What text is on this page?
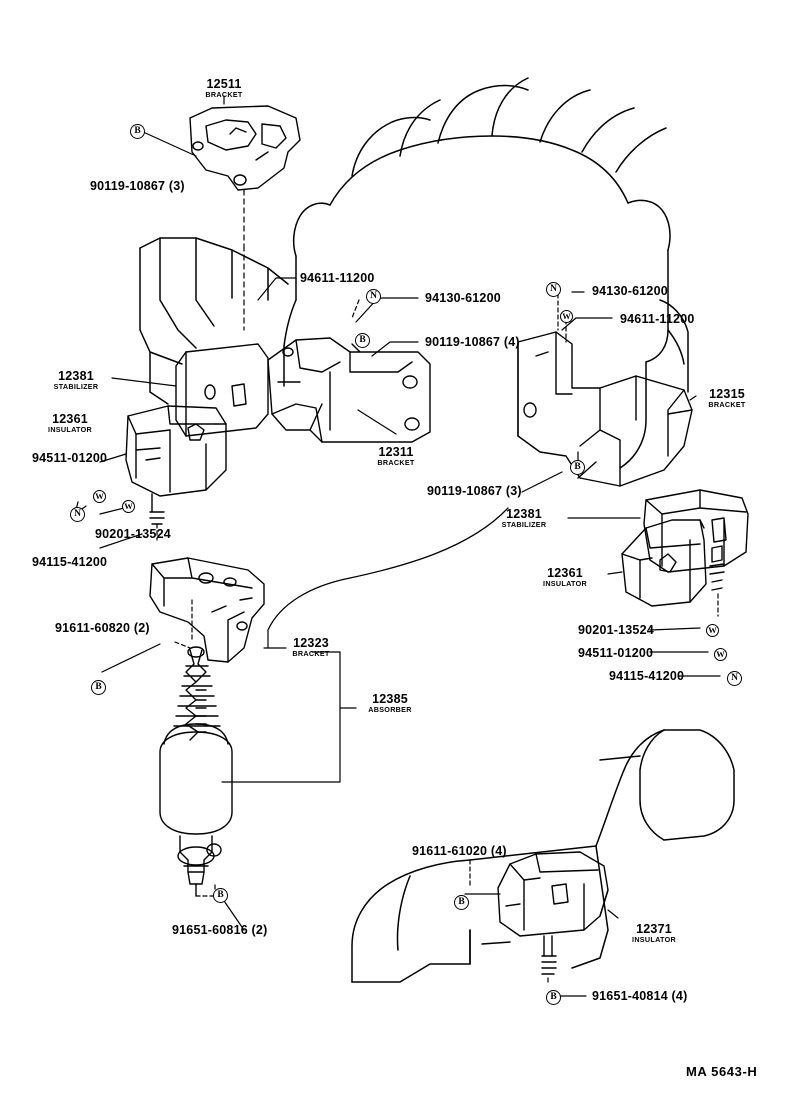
12511
BRACKET
90119-10867 (3)
94611-11200
94130-61200	94130-61200
94611-11200
90119-10867 (4)
12381
STABILIZER
12315
BRACKET
12361
INSULATOR
12311
BRACKET
94511-01200
90119-10867 (3)
90201-13524
12381
STABILIZER
94115-41200
12361
INSULATOR
91611-60820 (2)
12323
BRACKET
90201-13524
94511-01200
12385
ABSORBER
94115-41200
91611-61020 (4)
12371
INSULATOR
91651-60816 (2)
91651-40814 (4)
B
N
N
W
B
B
W
W
N
B
W
W
N
B
B
B
MA 5643-H
